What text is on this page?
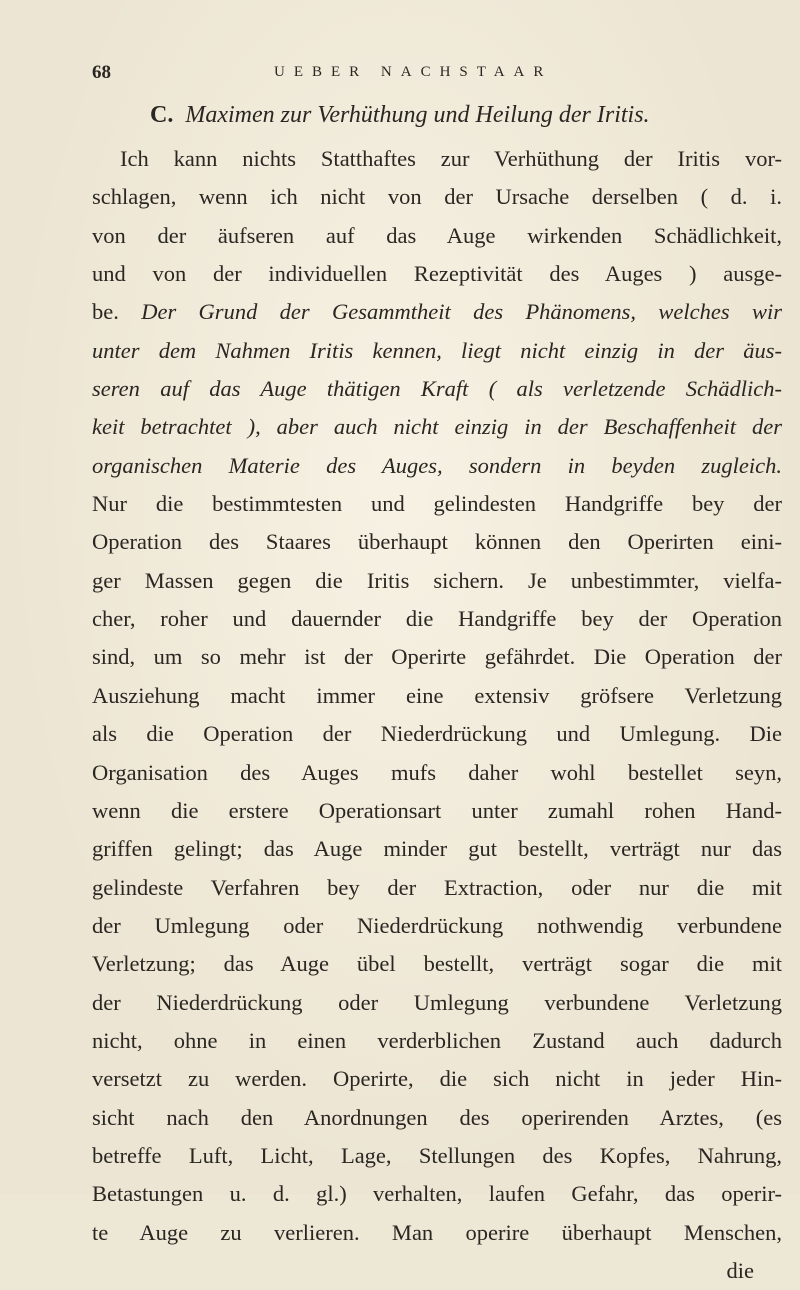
68	UEBER NACHSTAAR
C. Maximen zur Verhüthung und Heilung der Iritis.
Ich kann nichts Statthaftes zur Verhüthung der Iritis vor-
schlagen, wenn ich nicht von der Ursache derselben ( d. i.
von der äufseren auf das Auge wirkenden Schädlichkeit,
und von der individuellen Rezeptivität des Auges ) ausge-
be. Der Grund der Gesammtheit des Phänomens, welches wir
unter dem Nahmen Iritis kennen, liegt nicht einzig in der äus-
seren auf das Auge thätigen Kraft ( als verletzende Schädlich-
keit betrachtet ), aber auch nicht einzig in der Beschaffenheit der
organischen Materie des Auges, sondern in beyden zugleich.
Nur die bestimmtesten und gelindesten Handgriffe bey der
Operation des Staares überhaupt können den Operirten eini-
ger Massen gegen die Iritis sichern. Je unbestimmter, vielfa-
cher, roher und dauernder die Handgriffe bey der Operation
sind, um so mehr ist der Operirte gefährdet. Die Operation der
Ausziehung macht immer eine extensiv gröfsere Verletzung
als die Operation der Niederdrückung und Umlegung. Die
Organisation des Auges mufs daher wohl bestellet seyn,
wenn die erstere Operationsart unter zumahl rohen Hand-
griffen gelingt; das Auge minder gut bestellt, verträgt nur das
gelindeste Verfahren bey der Extraction, oder nur die mit
der Umlegung oder Niederdrückung nothwendig verbundene
Verletzung; das Auge übel bestellt, verträgt sogar die mit
der Niederdrückung oder Umlegung verbundene Verletzung
nicht, ohne in einen verderblichen Zustand auch dadurch
versetzt zu werden. Operirte, die sich nicht in jeder Hin-
sicht nach den Anordnungen des operirenden Arztes, (es
betreffe Luft, Licht, Lage, Stellungen des Kopfes, Nahrung,
Betastungen u. d. gl.) verhalten, laufen Gefahr, das operir-
te Auge zu verlieren. Man operire überhaupt Menschen,
die
